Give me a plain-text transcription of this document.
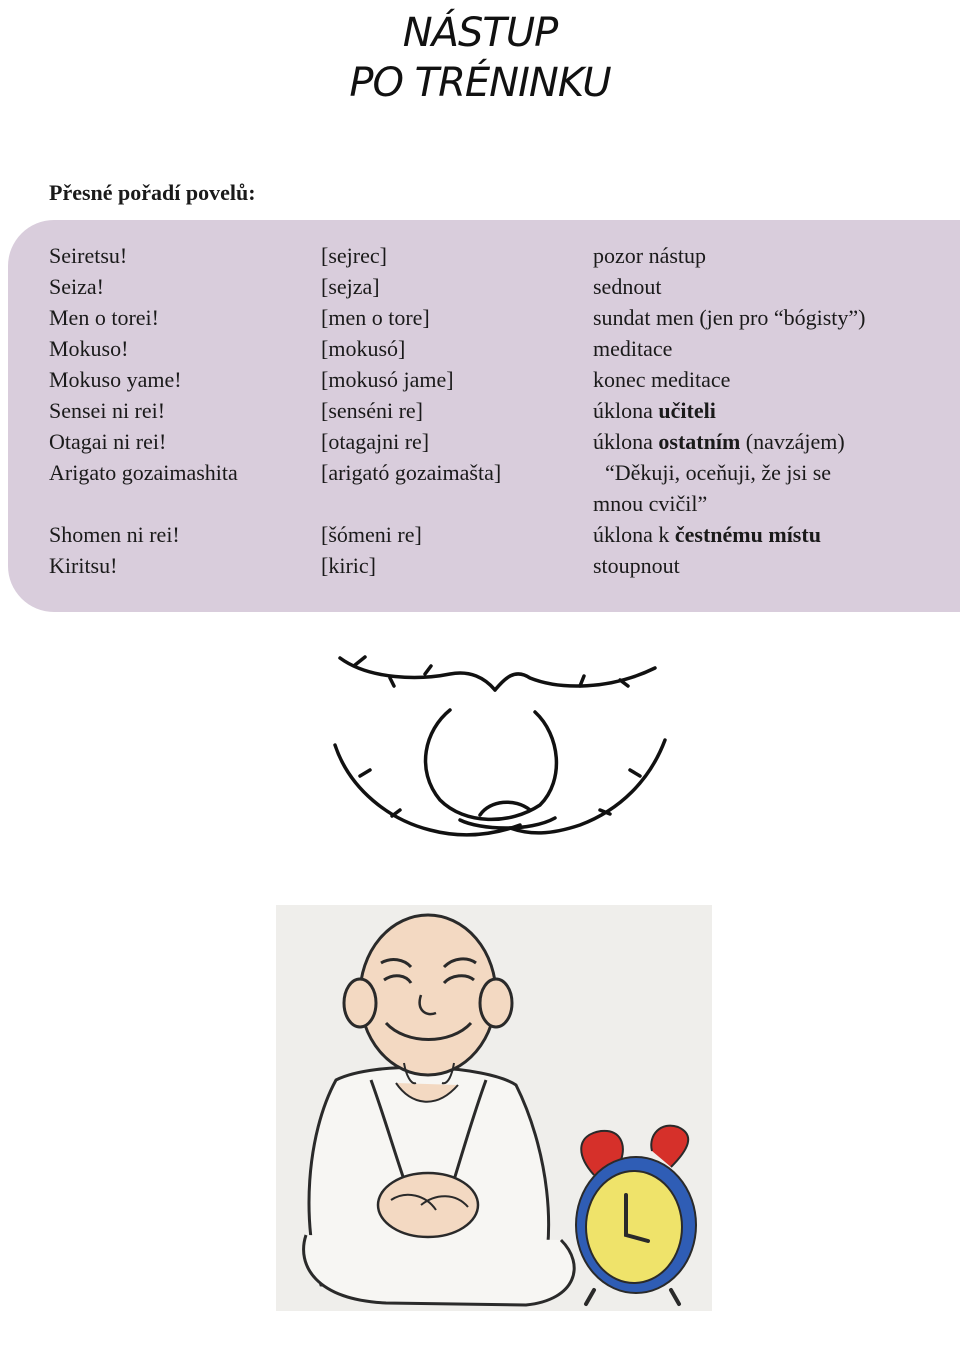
NÁSTUP
PO TRÉNINKU
Přesné pořadí povelů:
Seiretsu!	[sejrec]	pozor nástup
Seiza!	[sejza]	sednout
Men o torei!	[men o tore]	sundat men (jen pro “bógisty”)
Mokuso!	[mokusó]	meditace
Mokuso yame!	[mokusó jame]	konec meditace
Sensei ni rei!	[senséni re]	úklona učiteli
Otagai ni rei!	[otagajni re]	úklona ostatním (navzájem)
Arigato gozaimashita	[arigató gozaimašta]	“Děkuji, oceňuji, že jsi se
mnou cvičil”
Shomen ni rei!	[šómeni re]	úklona k čestnému místu
Kiritsu!	[kiric]	stoupnout
